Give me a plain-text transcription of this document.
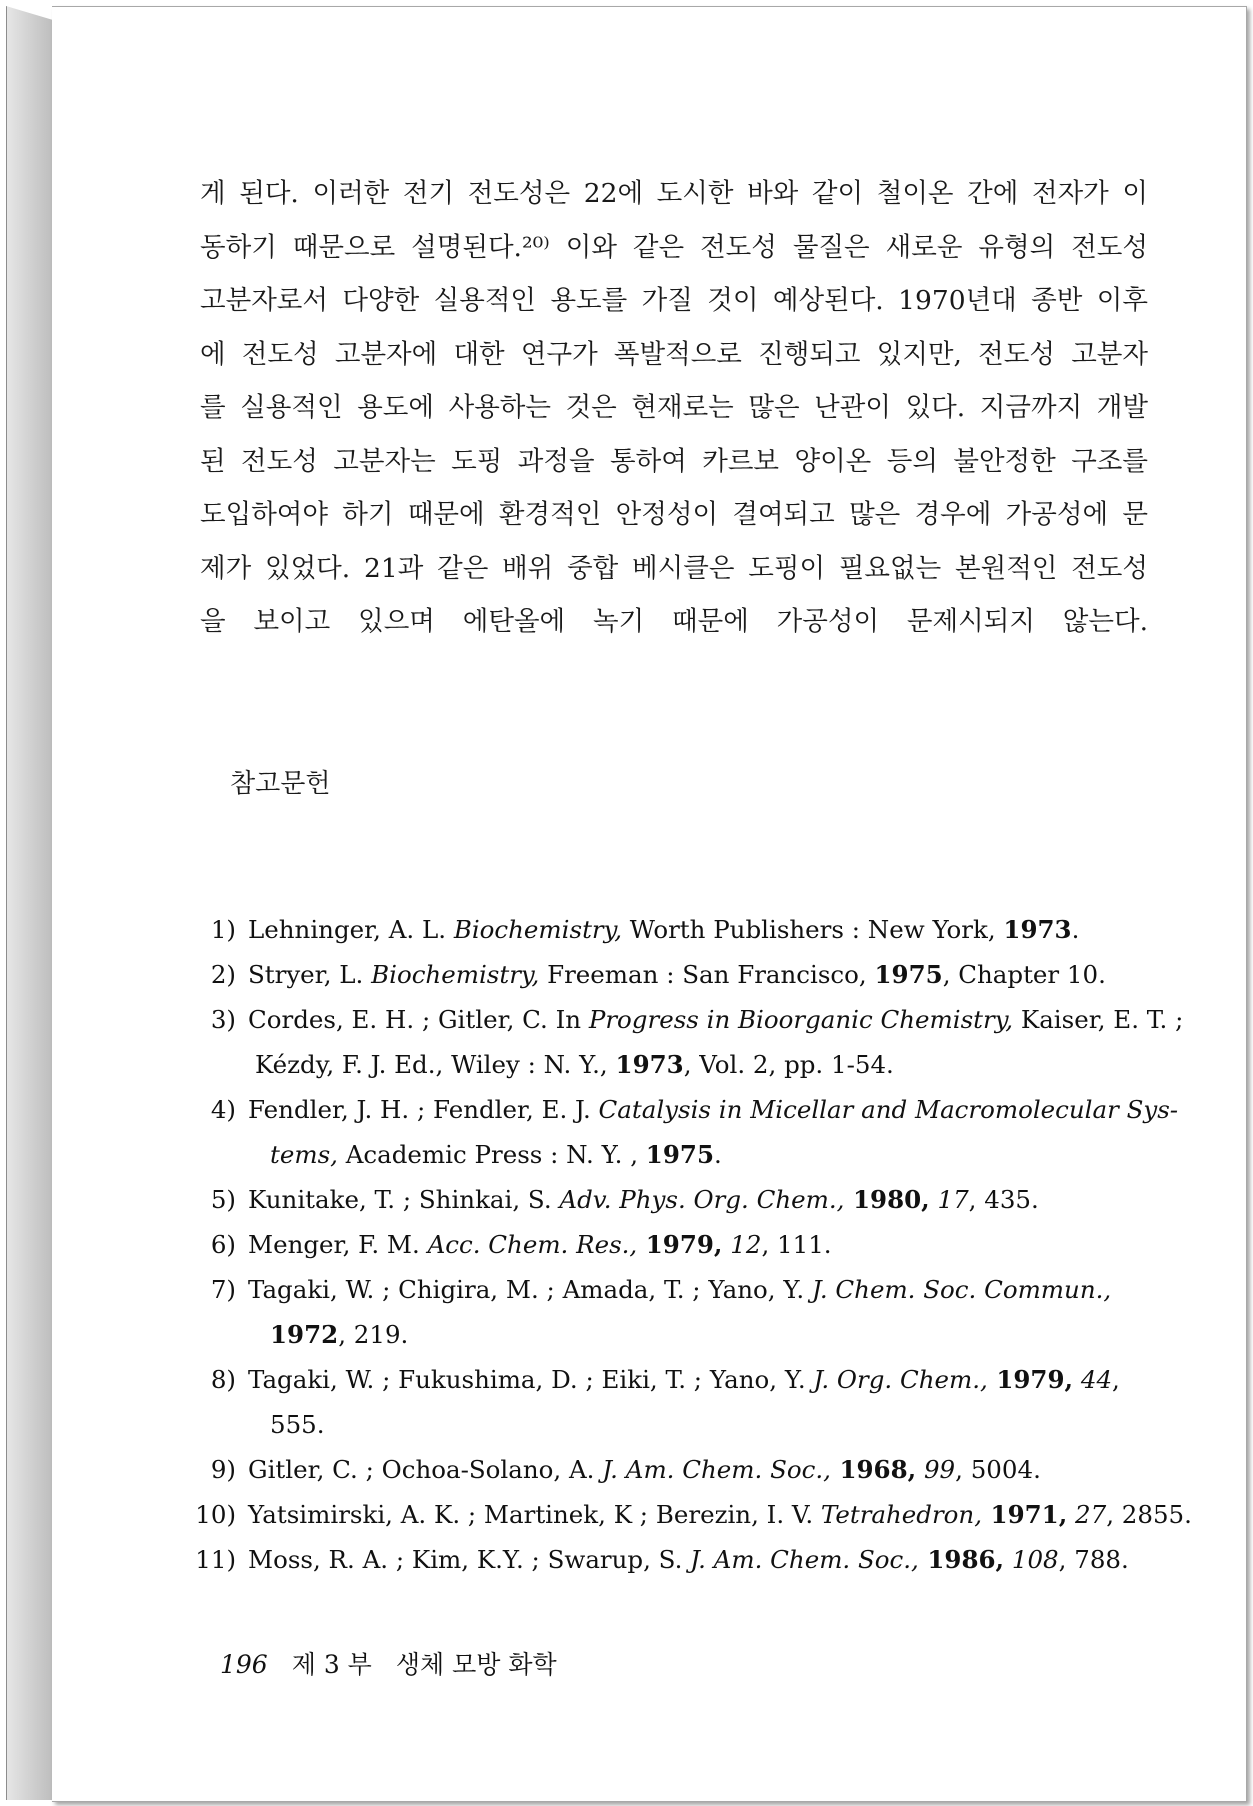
게 된다. 이러한 전기 전도성은 22에 도시한 바와 같이 철이온 간에 전자가 이
동하기 때문으로 설명된다.²⁰⁾ 이와 같은 전도성 물질은 새로운 유형의 전도성
고분자로서 다양한 실용적인 용도를 가질 것이 예상된다. 1970년대 종반 이후
에 전도성 고분자에 대한 연구가 폭발적으로 진행되고 있지만, 전도성 고분자
를 실용적인 용도에 사용하는 것은 현재로는 많은 난관이 있다. 지금까지 개발
된 전도성 고분자는 도핑 과정을 통하여 카르보 양이온 등의 불안정한 구조를
도입하여야 하기 때문에 환경적인 안정성이 결여되고 많은 경우에 가공성에 문
제가 있었다. 21과 같은 배위 중합 베시클은 도핑이 필요없는 본원적인 전도성
을 보이고 있으며 에탄올에 녹기 때문에 가공성이 문제시되지 않는다.
참고문헌
1) Lehninger, A. L. Biochemistry, Worth Publishers : New York, 1973.
2) Stryer, L. Biochemistry, Freeman : San Francisco, 1975, Chapter 10.
3) Cordes, E. H. ; Gitler, C. In Progress in Bioorganic Chemistry, Kaiser, E. T. ;
Kézdy, F. J. Ed., Wiley : N. Y., 1973, Vol. 2, pp. 1-54.
4) Fendler, J. H. ; Fendler, E. J. Catalysis in Micellar and Macromolecular Sys-
tems, Academic Press : N. Y. , 1975.
5) Kunitake, T. ; Shinkai, S. Adv. Phys. Org. Chem., 1980, 17, 435.
6) Menger, F. M. Acc. Chem. Res., 1979, 12, 111.
7) Tagaki, W. ; Chigira, M. ; Amada, T. ; Yano, Y. J. Chem. Soc. Commun.,
1972, 219.
8) Tagaki, W. ; Fukushima, D. ; Eiki, T. ; Yano, Y. J. Org. Chem., 1979, 44,
555.
9) Gitler, C. ; Ochoa-Solano, A. J. Am. Chem. Soc., 1968, 99, 5004.
10) Yatsimirski, A. K. ; Martinek, K ; Berezin, I. V. Tetrahedron, 1971, 27, 2855.
11) Moss, R. A. ; Kim, K.Y. ; Swarup, S. J. Am. Chem. Soc., 1986, 108, 788.
196 제 3 부 생체 모방 화학
